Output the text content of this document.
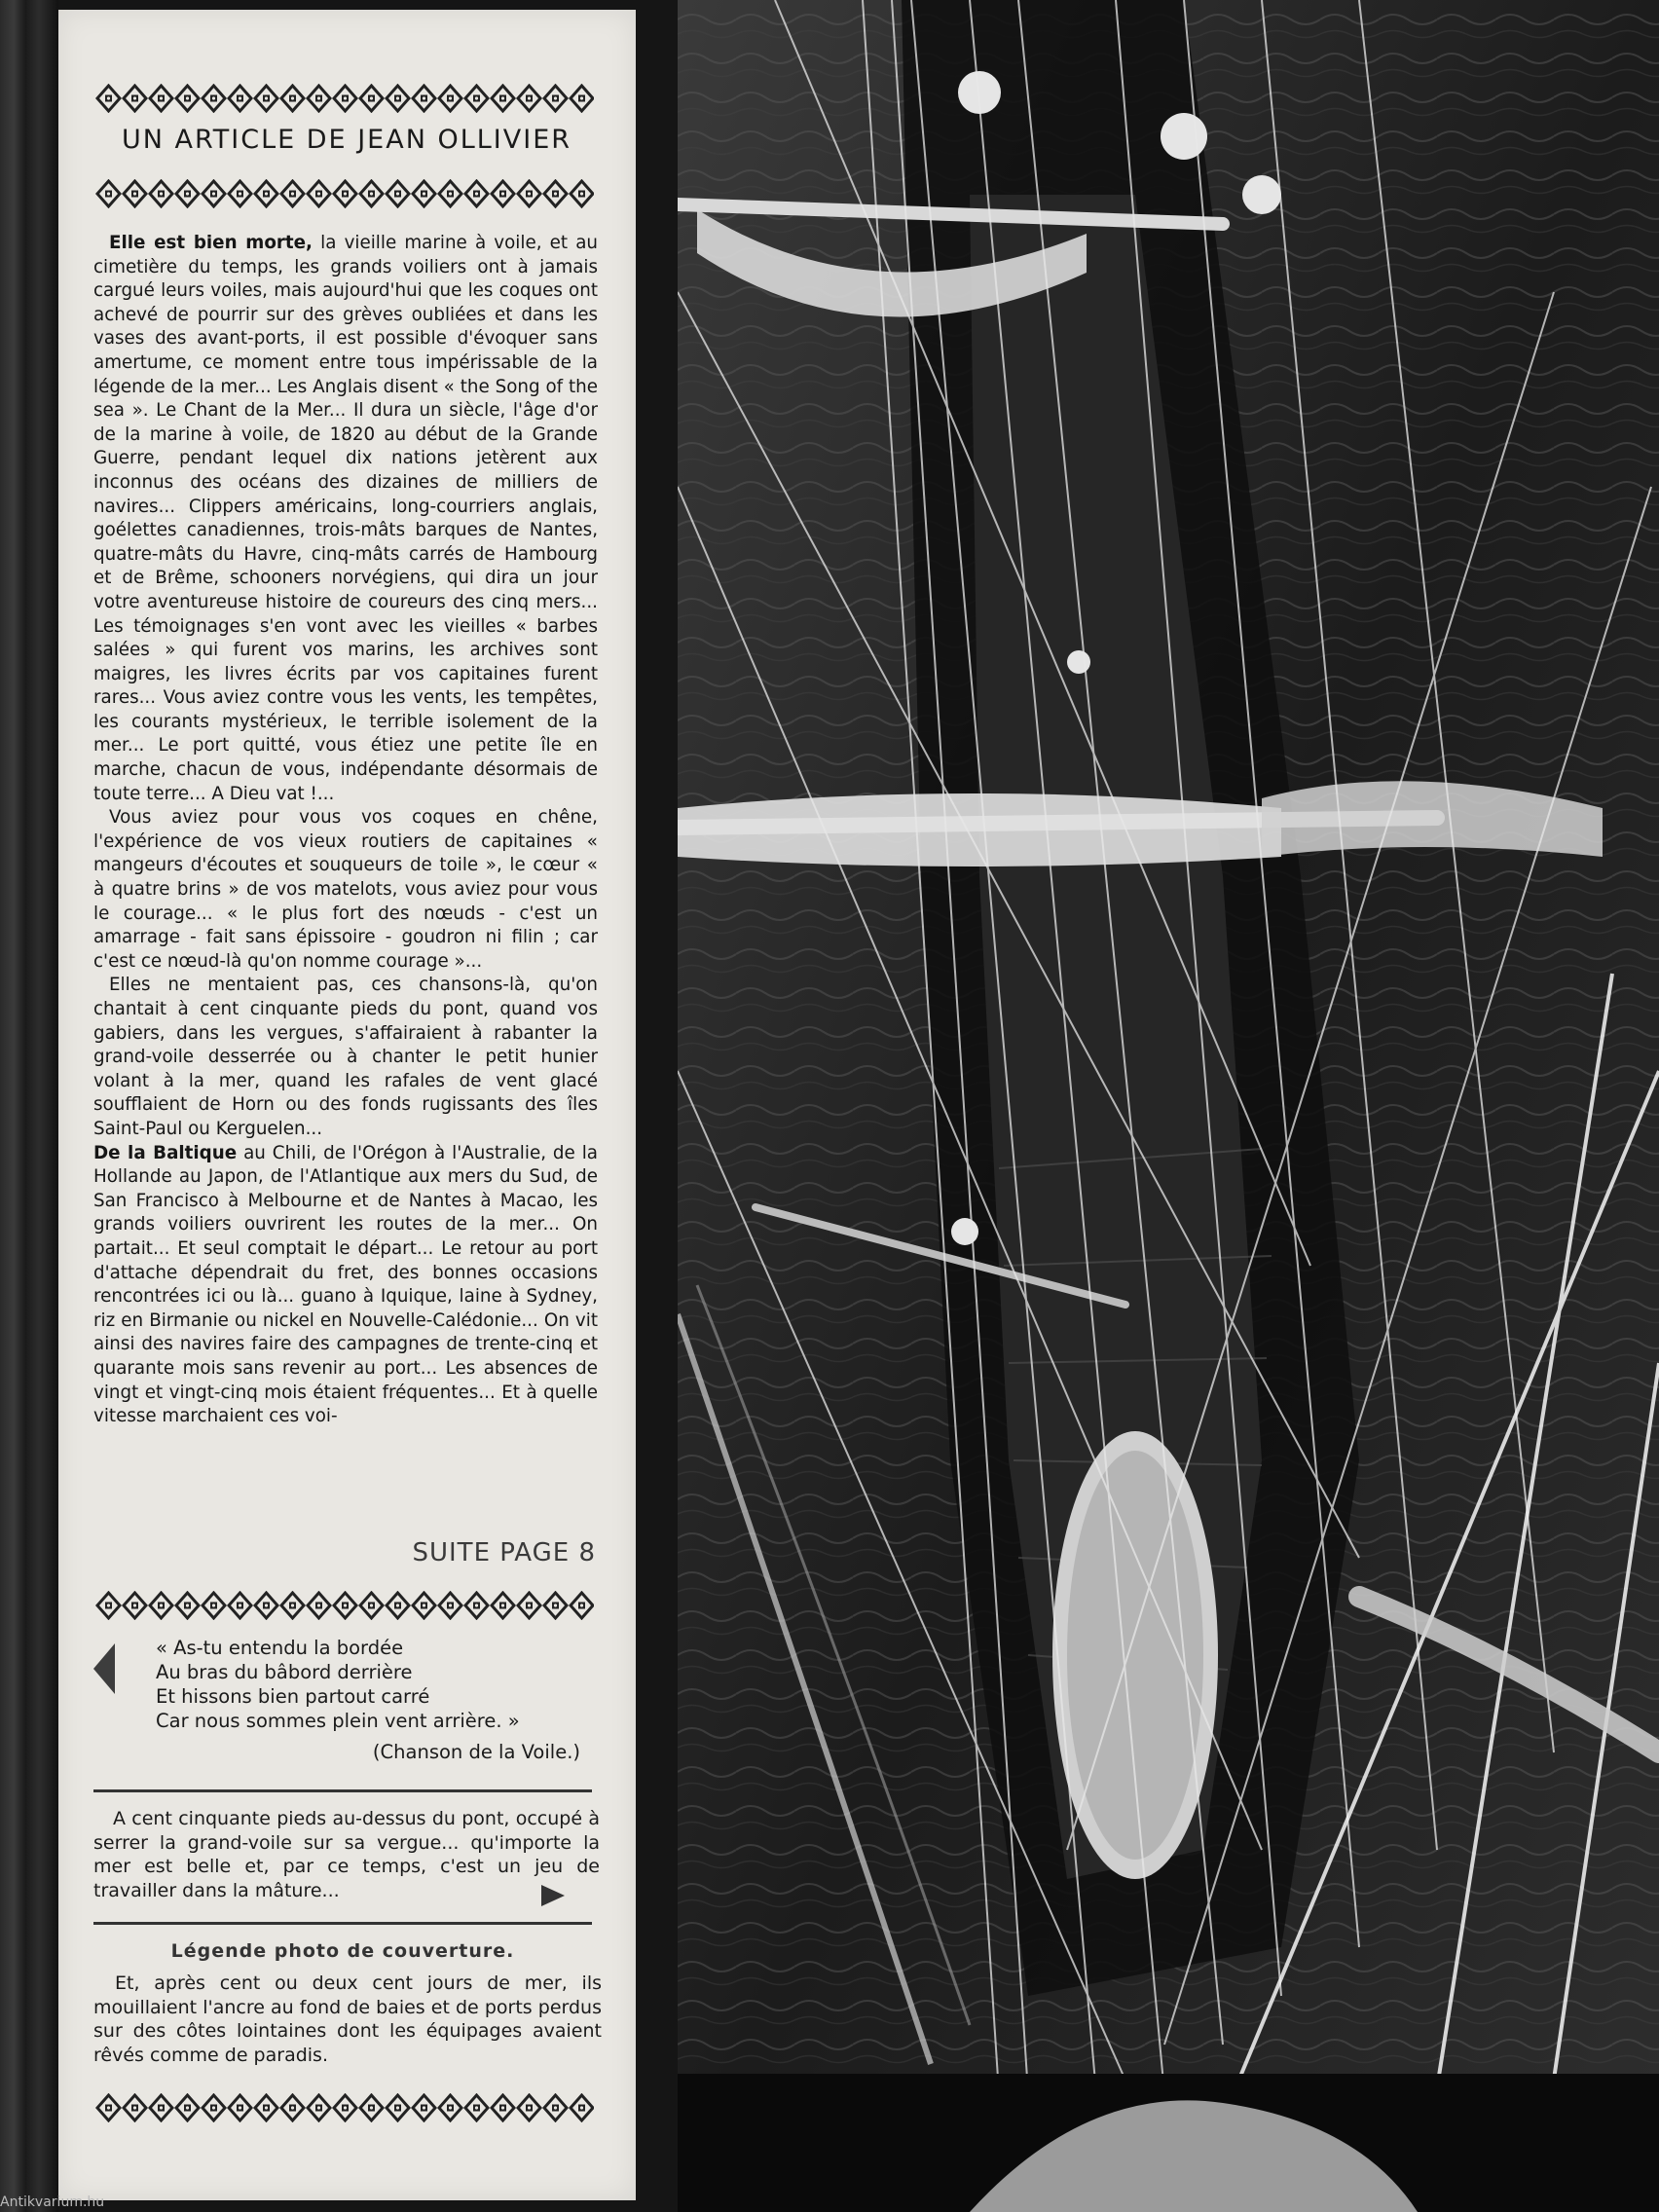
UN ARTICLE DE JEAN OLLIVIER

Elle est bien morte, la vieille marine à voile, et au cimetière du temps, les grands voiliers ont à jamais cargué leurs voiles, mais aujourd'hui que les coques ont achevé de pourrir sur des grèves oubliées et dans les vases des avant-ports, il est possible d'évoquer sans amertume, ce moment entre tous impérissable de la légende de la mer... Les Anglais disent « the Song of the sea ». Le Chant de la Mer... Il dura un siècle, l'âge d'or de la marine à voile, de 1820 au début de la Grande Guerre, pendant lequel dix nations jetèrent aux inconnus des océans des dizaines de milliers de navires... Clippers américains, long-courriers anglais, goélettes canadiennes, trois-mâts barques de Nantes, quatre-mâts du Havre, cinq-mâts carrés de Hambourg et de Brême, schooners norvégiens, qui dira un jour votre aventureuse histoire de coureurs des cinq mers... Les témoignages s'en vont avec les vieilles « barbes salées » qui furent vos marins, les archives sont maigres, les livres écrits par vos capitaines furent rares... Vous aviez contre vous les vents, les tempêtes, les courants mystérieux, le terrible isolement de la mer... Le port quitté, vous étiez une petite île en marche, chacun de vous, indépendante désormais de toute terre... A Dieu vat !...

Vous aviez pour vous vos coques en chêne, l'expérience de vos vieux routiers de capitaines « mangeurs d'écoutes et souqueurs de toile », le cœur « à quatre brins » de vos matelots, vous aviez pour vous le courage... « le plus fort des nœuds - c'est un amarrage - fait sans épissoire - goudron ni filin ; car c'est ce nœud-là qu'on nomme courage »...

Elles ne mentaient pas, ces chansons-là, qu'on chantait à cent cinquante pieds du pont, quand vos gabiers, dans les vergues, s'affairaient à rabanter la grand-voile desserrée ou à chanter le petit hunier volant à la mer, quand les rafales de vent glacé soufflaient de Horn ou des fonds rugissants des îles Saint-Paul ou Kerguelen...

De la Baltique au Chili, de l'Orégon à l'Australie, de la Hollande au Japon, de l'Atlantique aux mers du Sud, de San Francisco à Melbourne et de Nantes à Macao, les grands voiliers ouvrirent les routes de la mer... On partait... Et seul comptait le départ... Le retour au port d'attache dépendrait du fret, des bonnes occasions rencontrées ici ou là... guano à Iquique, laine à Sydney, riz en Birmanie ou nickel en Nouvelle-Calédonie... On vit ainsi des navires faire des campagnes de trente-cinq et quarante mois sans revenir au port... Les absences de vingt et vingt-cinq mois étaient fréquentes... Et à quelle vitesse marchaient ces voi-

SUITE PAGE 8
« As-tu entendu la bordée
Au bras du bâbord derrière
Et hissons bien partout carré
Car nous sommes plein vent arrière. »
(Chanson de la Voile.)

A cent cinquante pieds au-dessus du pont, occupé à serrer la grand-voile sur sa vergue... qu'importe la mer est belle et, par ce temps, c'est un jeu de travailler dans la mâture...

Légende photo de couverture.

Et, après cent ou deux cent jours de mer, ils mouillaient l'ancre au fond de baies et de ports perdus sur des côtes lointaines dont les équipages avaient rêvés comme de paradis.

Antikvarium.hu
